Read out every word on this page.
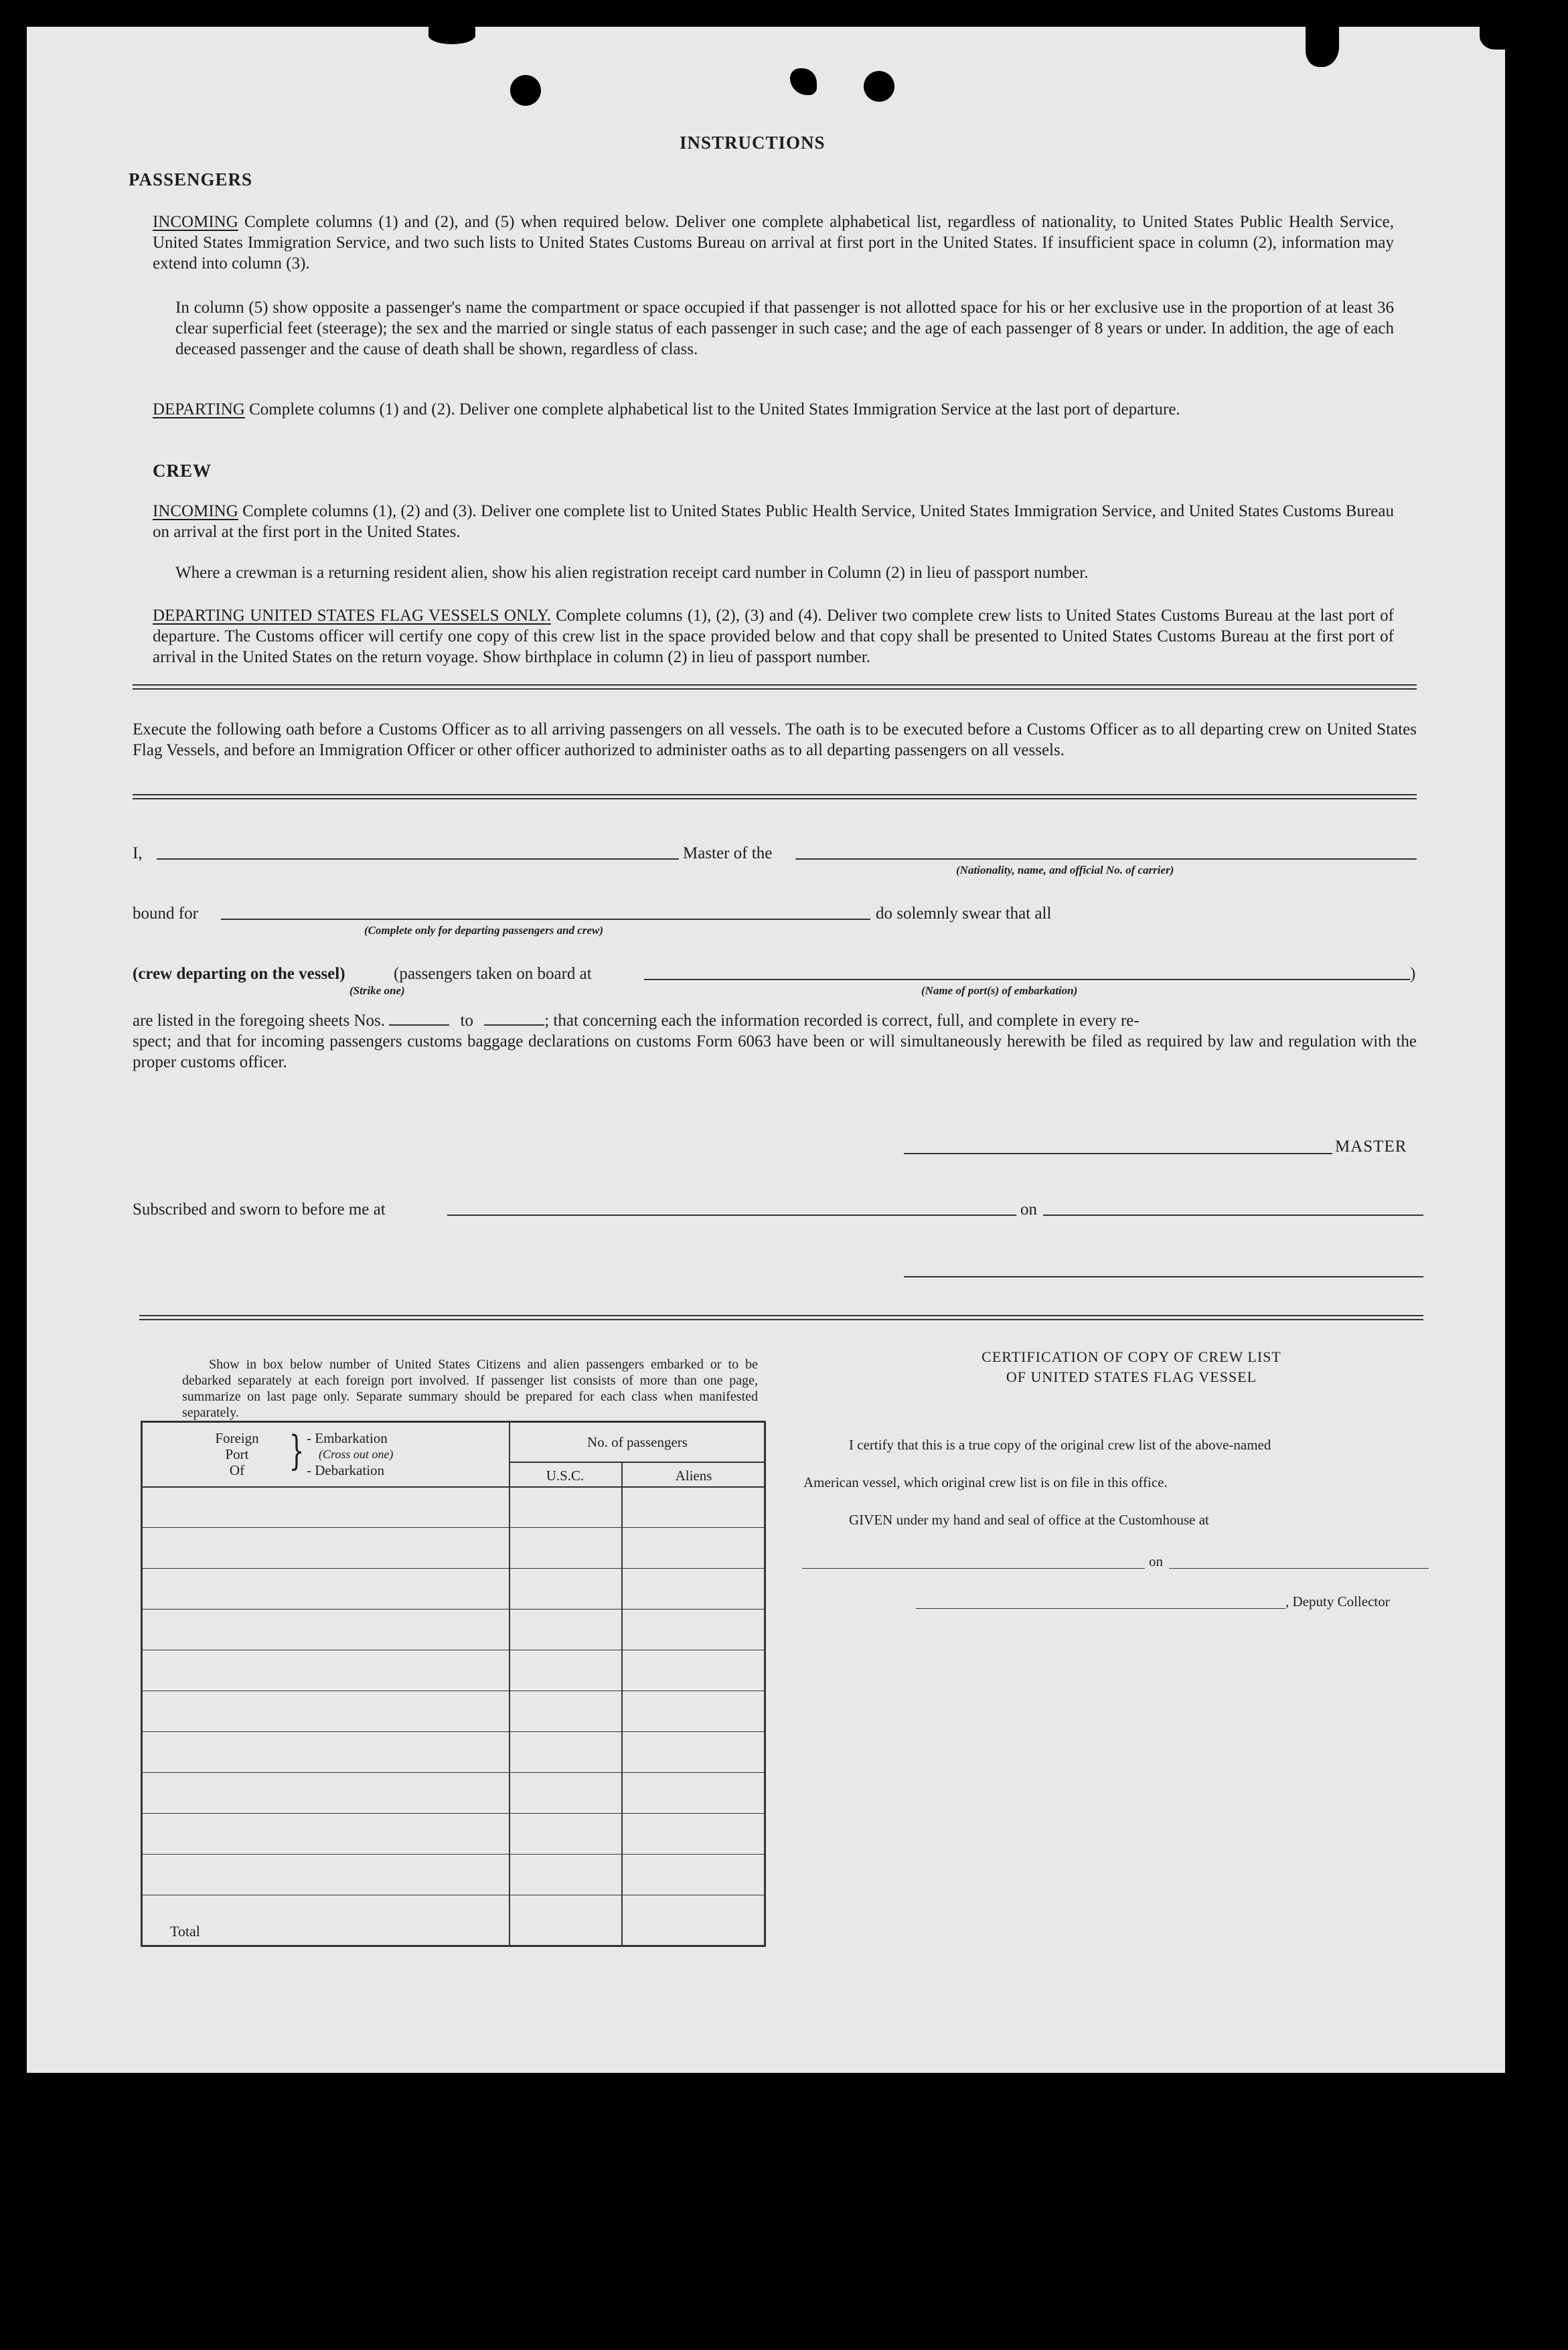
INSTRUCTIONS
PASSENGERS
INCOMING Complete columns (1) and (2), and (5) when required below. Deliver one complete alphabetical list, regardless of nationality, to United States Public Health Service, United States Immigration Service, and two such lists to United States Customs Bureau on arrival at first port in the United States. If insufficient space in column (2), information may extend into column (3).
In column (5) show opposite a passenger's name the compartment or space occupied if that passenger is not allotted space for his or her exclusive use in the proportion of at least 36 clear superficial feet (steerage); the sex and the married or single status of each passenger in such case; and the age of each passenger of 8 years or under. In addition, the age of each deceased passenger and the cause of death shall be shown, regardless of class.
DEPARTING Complete columns (1) and (2). Deliver one complete alphabetical list to the United States Immigration Service at the last port of departure.
CREW
INCOMING Complete columns (1), (2) and (3). Deliver one complete list to United States Public Health Service, United States Immigration Service, and United States Customs Bureau on arrival at the first port in the United States.
Where a crewman is a returning resident alien, show his alien registration receipt card number in Column (2) in lieu of passport number.
DEPARTING UNITED STATES FLAG VESSELS ONLY. Complete columns (1), (2), (3) and (4). Deliver two complete crew lists to United States Customs Bureau at the last port of departure. The Customs officer will certify one copy of this crew list in the space provided below and that copy shall be presented to United States Customs Bureau at the first port of arrival in the United States on the return voyage. Show birthplace in column (2) in lieu of passport number.
Execute the following oath before a Customs Officer as to all arriving passengers on all vessels. The oath is to be executed before a Customs Officer as to all departing crew on United States Flag Vessels, and before an Immigration Officer or other officer authorized to administer oaths as to all departing passengers on all vessels.
I,	Master of the
(Nationality, name, and official No. of carrier)
bound for	do solemnly swear that all
(Complete only for departing passengers and crew)
(crew departing on the vessel)
(Strike one)
(passengers taken on board at	)
(Name of port(s) of embarkation)
are listed in the foregoing sheets Nos.	to	; that concerning each the information recorded is correct, full, and complete in every re-
spect; and that for incoming passengers customs baggage declarations on customs Form 6063 have been or will simultaneously herewith be filed as required by law and regulation with the proper customs officer.
MASTER
Subscribed and sworn to before me at	on
Show in box below number of United States Citizens and alien passengers embarked or to be debarked separately at each foreign port involved. If passenger list consists of more than one page, summarize on last page only. Separate summary should be prepared for each class when manifested separately.
Foreign
Port
Of	} - Embarkation
(Cross out one)
- Debarkation
No. of passengers
U.S.C.	Aliens
Total
CERTIFICATION OF COPY OF CREW LIST
OF UNITED STATES FLAG VESSEL
I certify that this is a true copy of the original crew list of the above-named
American vessel, which original crew list is on file in this office.
GIVEN under my hand and seal of office at the Customhouse at
on
, Deputy Collector
